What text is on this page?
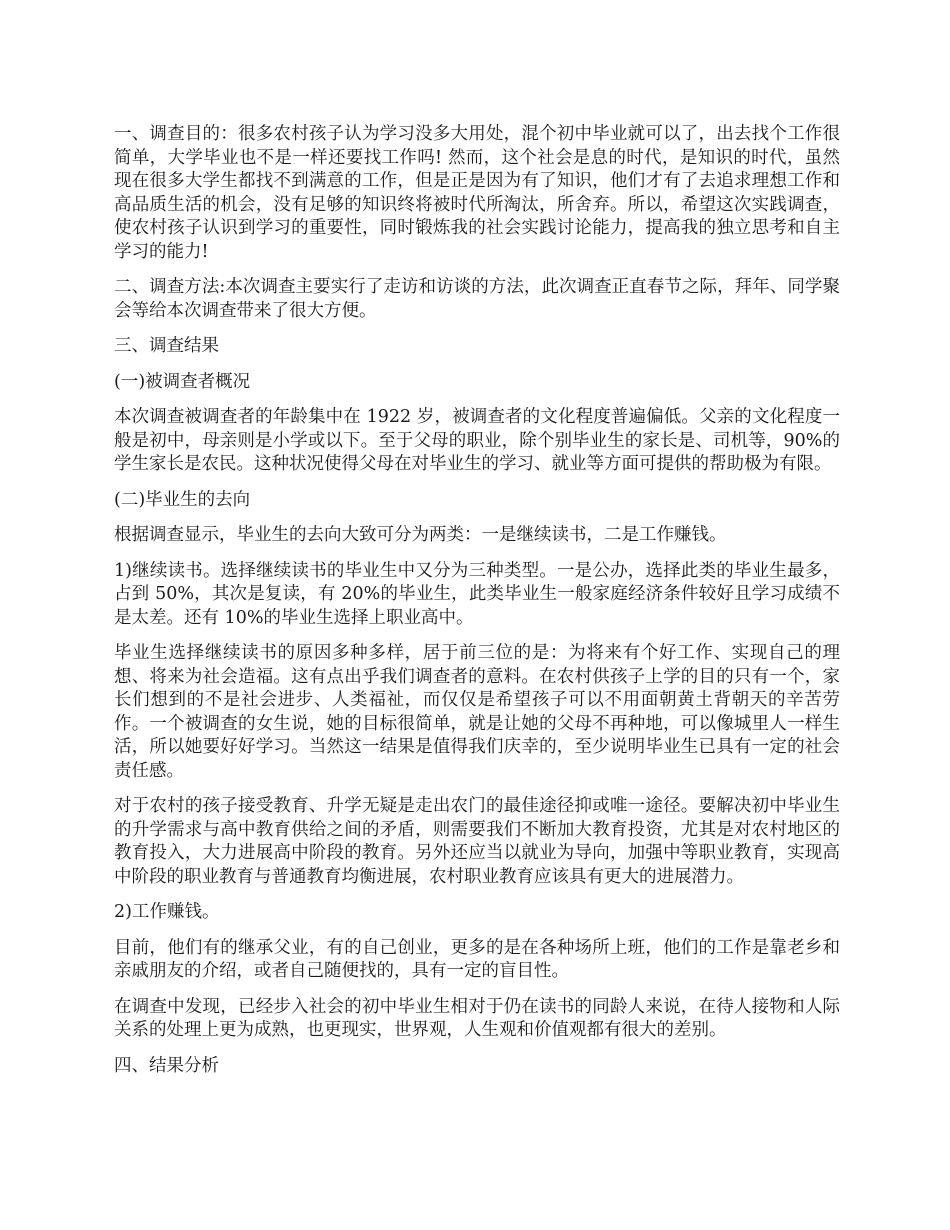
一、调查目的：很多农村孩子认为学习没多大用处，混个初中毕业就可以了，出去找个工作很简单，大学毕业也不是一样还要找工作吗! 然而，这个社会是息的时代，是知识的时代，虽然现在很多大学生都找不到满意的工作，但是正是因为有了知识，他们才有了去追求理想工作和高品质生活的机会，没有足够的知识终将被时代所淘汰，所舍弃。所以，希望这次实践调查，使农村孩子认识到学习的重要性，同时锻炼我的社会实践讨论能力，提高我的独立思考和自主学习的能力!

二、调查方法:本次调查主要实行了走访和访谈的方法，此次调查正直春节之际，拜年、同学聚会等给本次调查带来了很大方便。

三、调查结果

(一)被调查者概况

本次调查被调查者的年龄集中在 1922 岁，被调查者的文化程度普遍偏低。父亲的文化程度一般是初中，母亲则是小学或以下。至于父母的职业，除个别毕业生的家长是、司机等，90%的学生家长是农民。这种状况使得父母在对毕业生的学习、就业等方面可提供的帮助极为有限。

(二)毕业生的去向

根据调查显示，毕业生的去向大致可分为两类：一是继续读书，二是工作赚钱。

1)继续读书。选择继续读书的毕业生中又分为三种类型。一是公办，选择此类的毕业生最多，占到 50%，其次是复读，有 20%的毕业生，此类毕业生一般家庭经济条件较好且学习成绩不是太差。还有 10%的毕业生选择上职业高中。

毕业生选择继续读书的原因多种多样，居于前三位的是：为将来有个好工作、实现自己的理想、将来为社会造福。这有点出乎我们调查者的意料。在农村供孩子上学的目的只有一个，家长们想到的不是社会进步、人类福祉，而仅仅是希望孩子可以不用面朝黄土背朝天的辛苦劳作。一个被调查的女生说，她的目标很简单，就是让她的父母不再种地，可以像城里人一样生活，所以她要好好学习。当然这一结果是值得我们庆幸的，至少说明毕业生已具有一定的社会责任感。

对于农村的孩子接受教育、升学无疑是走出农门的最佳途径抑或唯一途径。要解决初中毕业生的升学需求与高中教育供给之间的矛盾，则需要我们不断加大教育投资，尤其是对农村地区的教育投入，大力进展高中阶段的教育。另外还应当以就业为导向，加强中等职业教育，实现高中阶段的职业教育与普通教育均衡进展，农村职业教育应该具有更大的进展潜力。

2)工作赚钱。

目前，他们有的继承父业，有的自己创业，更多的是在各种场所上班，他们的工作是靠老乡和亲戚朋友的介绍，或者自己随便找的，具有一定的盲目性。

在调查中发现，已经步入社会的初中毕业生相对于仍在读书的同龄人来说，在待人接物和人际关系的处理上更为成熟，也更现实，世界观，人生观和价值观都有很大的差别。

四、结果分析
